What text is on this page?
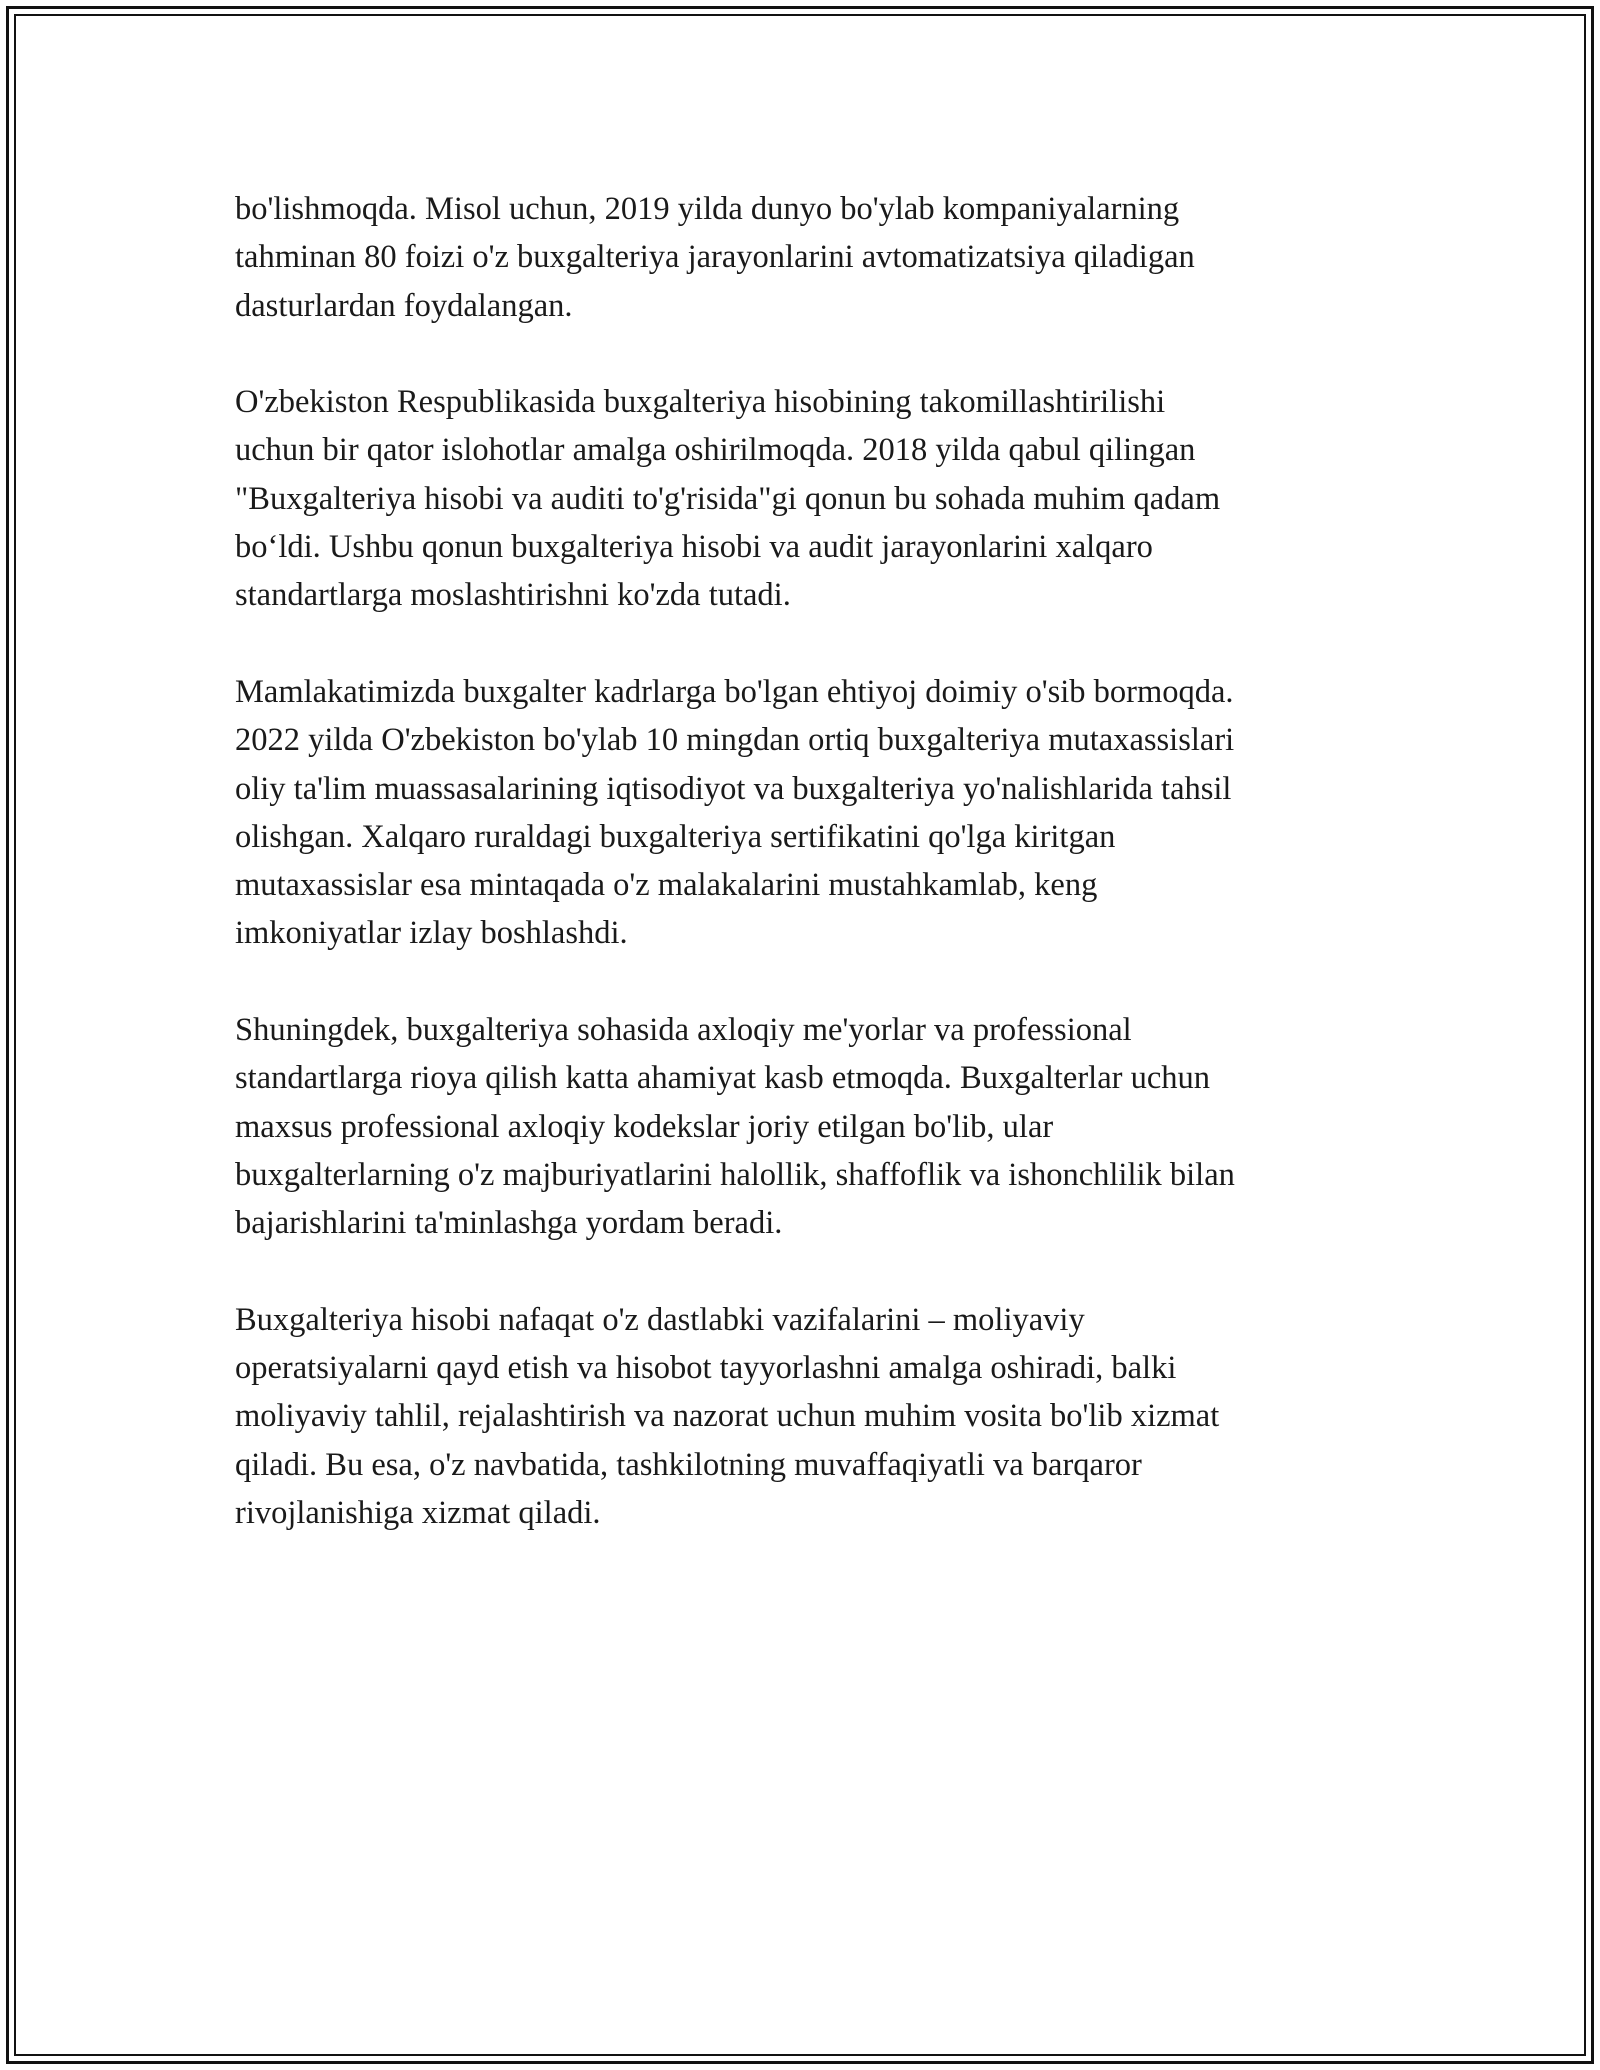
bo'lishmoqda. Misol uchun, 2019 yilda dunyo bo'ylab kompaniyalarning
tahminan 80 foizi o'z buxgalteriya jarayonlarini avtomatizatsiya qiladigan
dasturlardan foydalangan.

O'zbekiston Respublikasida buxgalteriya hisobining takomillashtirilishi
uchun bir qator islohotlar amalga oshirilmoqda. 2018 yilda qabul qilingan
"Buxgalteriya hisobi va auditi to'g'risida"gi qonun bu sohada muhim qadam
bo‘ldi. Ushbu qonun buxgalteriya hisobi va audit jarayonlarini xalqaro
standartlarga moslashtirishni ko'zda tutadi.

Mamlakatimizda buxgalter kadrlarga bo'lgan ehtiyoj doimiy o'sib bormoqda.
2022 yilda O'zbekiston bo'ylab 10 mingdan ortiq buxgalteriya mutaxassislari
oliy ta'lim muassasalarining iqtisodiyot va buxgalteriya yo'nalishlarida tahsil
olishgan. Xalqaro ruraldagi buxgalteriya sertifikatini qo'lga kiritgan
mutaxassislar esa mintaqada o'z malakalarini mustahkamlab, keng
imkoniyatlar izlay boshlashdi.

Shuningdek, buxgalteriya sohasida axloqiy me'yorlar va professional
standartlarga rioya qilish katta ahamiyat kasb etmoqda. Buxgalterlar uchun
maxsus professional axloqiy kodekslar joriy etilgan bo'lib, ular
buxgalterlarning o'z majburiyatlarini halollik, shaffoflik va ishonchlilik bilan
bajarishlarini ta'minlashga yordam beradi.

Buxgalteriya hisobi nafaqat o'z dastlabki vazifalarini – moliyaviy
operatsiyalarni qayd etish va hisobot tayyorlashni amalga oshiradi, balki
moliyaviy tahlil, rejalashtirish va nazorat uchun muhim vosita bo'lib xizmat
qiladi. Bu esa, o'z navbatida, tashkilotning muvaffaqiyatli va barqaror
rivojlanishiga xizmat qiladi.
